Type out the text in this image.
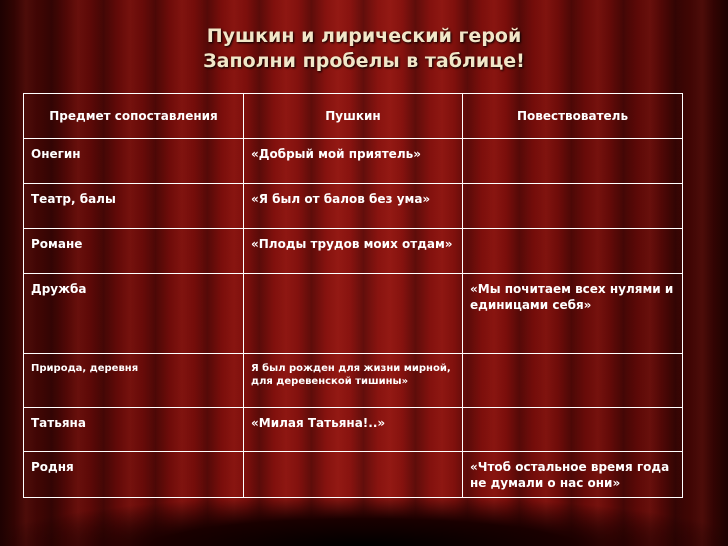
Пушкин и лирический герой
Заполни пробелы в таблице!
Предмет сопоставления	Пушкин	Повествователь
Онегин	«Добрый мой приятель»	
Театр, балы	«Я был от балов без ума»	
Романе	«Плоды трудов моих отдам»	
Дружба		«Мы почитаем всех нулями и единицами себя»
Природа, деревня	Я был рожден для жизни мирной, для деревенской тишины»	
Татьяна	«Милая Татьяна!..»	
Родня		«Чтоб остальное время года не думали о нас они»
